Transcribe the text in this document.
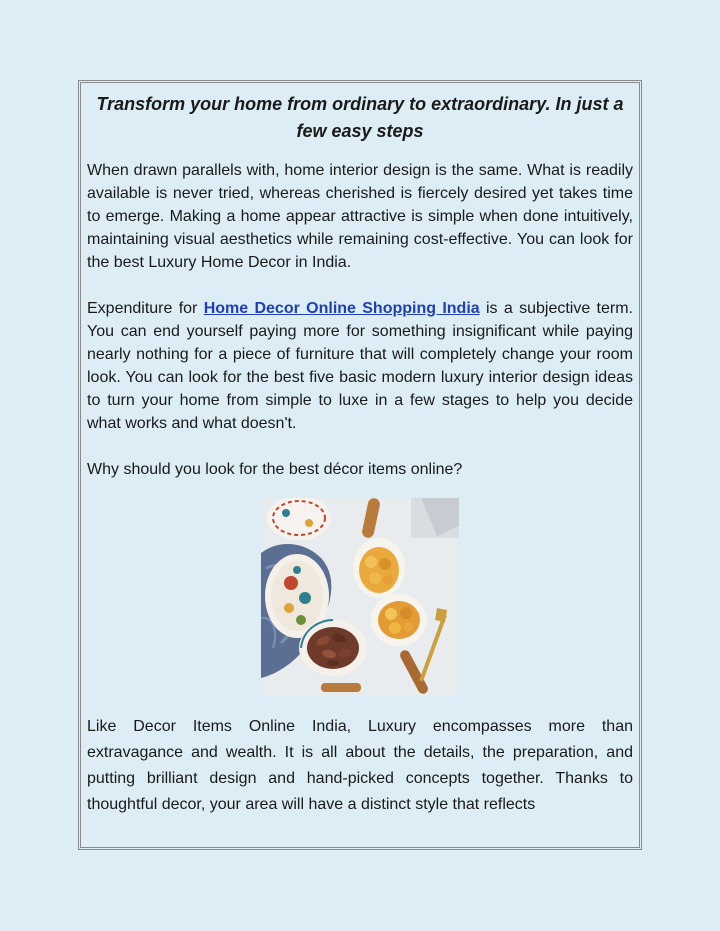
Transform your home from ordinary to extraordinary. In just a few easy steps

When drawn parallels with, home interior design is the same. What is readily available is never tried, whereas cherished is fiercely desired yet takes time to emerge. Making a home appear attractive is simple when done intuitively, maintaining visual aesthetics while remaining cost-effective. You can look for the best Luxury Home Decor in India.

Expenditure for Home Decor Online Shopping India is a subjective term. You can end yourself paying more for something insignificant while paying nearly nothing for a piece of furniture that will completely change your room look. You can look for the best five basic modern luxury interior design ideas to turn your home from simple to luxe in a few stages to help you decide what works and what doesn't.

Why should you look for the best décor items online?

Like Decor Items Online India, Luxury encompasses more than extravagance and wealth. It is all about the details, the preparation, and putting brilliant design and hand-picked concepts together. Thanks to thoughtful decor, your area will have a distinct style that reflects
